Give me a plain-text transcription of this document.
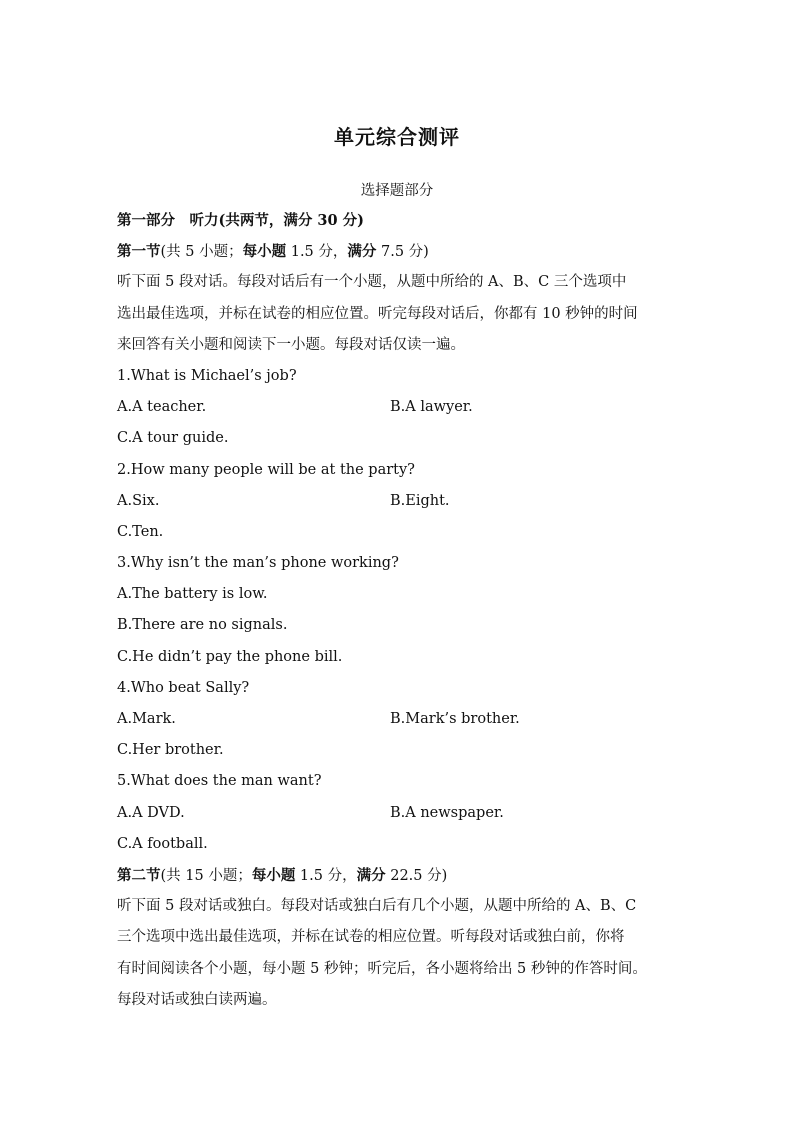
单元综合测评
选择题部分
第一部分　听力(共两节，满分 30 分)
第一节(共 5 小题；每小题 1.5 分，满分 7.5 分)
听下面 5 段对话。每段对话后有一个小题，从题中所给的 A、B、C 三个选项中
选出最佳选项，并标在试卷的相应位置。听完每段对话后，你都有 10 秒钟的时间
来回答有关小题和阅读下一小题。每段对话仅读一遍。
1.What is Michael’s job?
A.A teacher.	B.A lawyer.
C.A tour guide.
2.How many people will be at the party?
A.Six.	B.Eight.
C.Ten.
3.Why isn’t the man’s phone working?
A.The battery is low.
B.There are no signals.
C.He didn’t pay the phone bill.
4.Who beat Sally?
A.Mark.	B.Mark’s brother.
C.Her brother.
5.What does the man want?
A.A DVD.	B.A newspaper.
C.A football.
第二节(共 15 小题；每小题 1.5 分，满分 22.5 分)
听下面 5 段对话或独白。每段对话或独白后有几个小题，从题中所给的 A、B、C
三个选项中选出最佳选项，并标在试卷的相应位置。听每段对话或独白前，你将
有时间阅读各个小题，每小题 5 秒钟；听完后，各小题将给出 5 秒钟的作答时间。
每段对话或独白读两遍。
